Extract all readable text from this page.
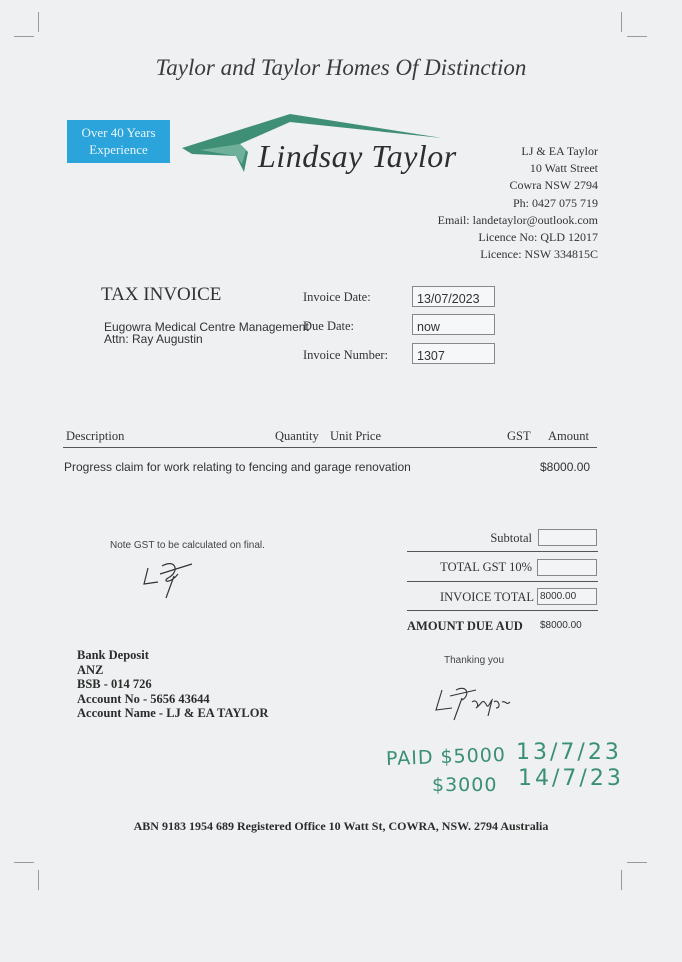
Taylor and Taylor Homes Of Distinction
Over 40 Years
Experience	Lindsay Taylor	LJ & EA Taylor
10 Watt Street
Cowra NSW 2794
Ph: 0427 075 719
Email: landetaylor@outlook.com
Licence No: QLD 12017
Licence: NSW 334815C
TAX INVOICE	Invoice Date:	13/07/2023
Eugowra Medical Centre Management
Attn: Ray Augustin
Due Date:	now
Invoice Number:	1307
Description	Quantity Unit Price	GST Amount
Progress claim for work relating to fencing and garage renovation	$8000.00
Note GST to be calculated on final.
Subtotal
TOTAL GST 10%
INVOICE TOTAL 8000.00
AMOUNT DUE AUD $8000.00
Thanking you
Bank Deposit
ANZ
BSB - 014 726
Account No - 5656 43644
Account Name - LJ & EA TAYLOR
PAID $5000 13/7/23
$3000 14/7/23
ABN 9183 1954 689 Registered Office 10 Watt St, COWRA, NSW. 2794 Australia
